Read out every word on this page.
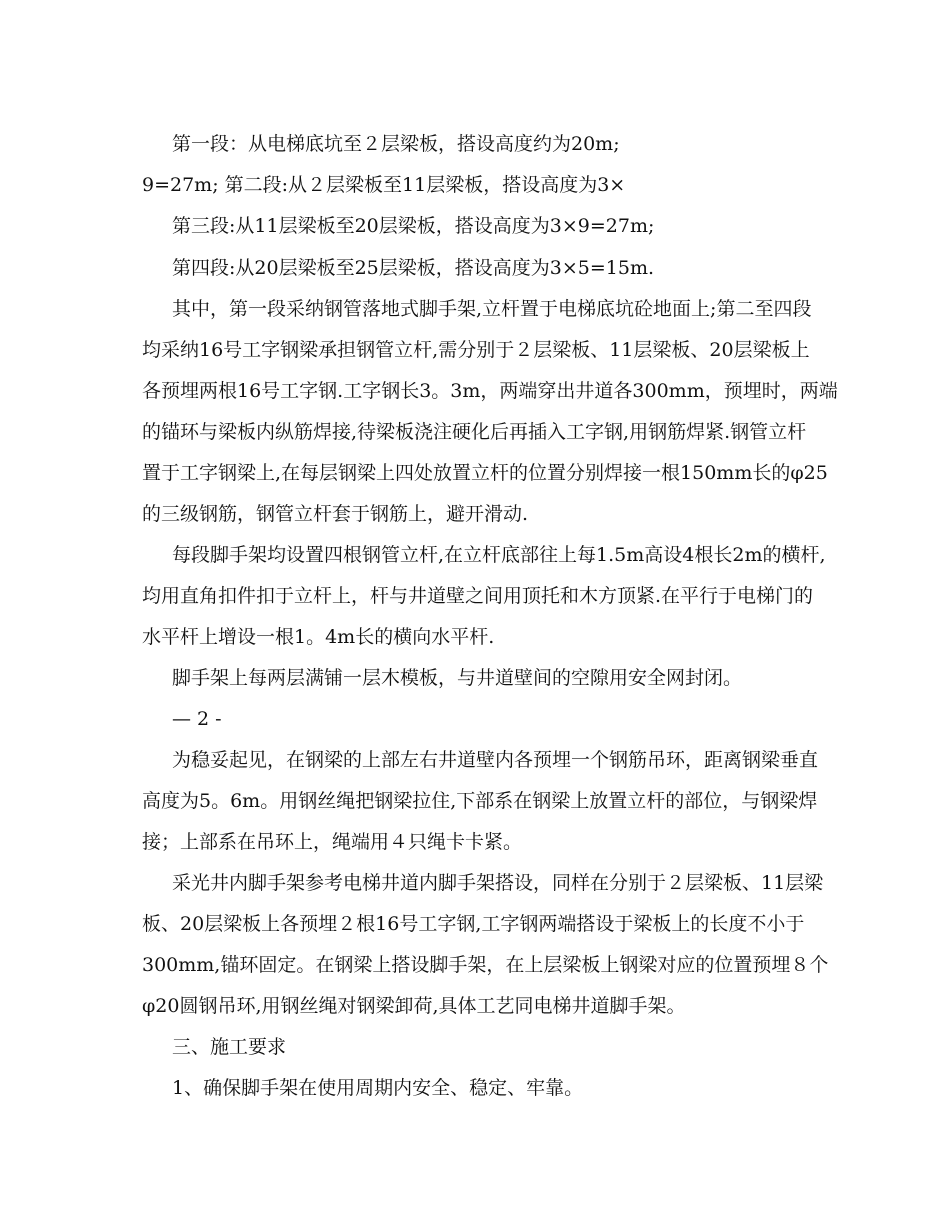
第一段：从电梯底坑至２层梁板，搭设高度约为20m;
9=27m; 第二段:从２层梁板至11层梁板，搭设高度为3×
第三段:从11层梁板至20层梁板，搭设高度为3×9=27m;
第四段:从20层梁板至25层梁板，搭设高度为3×5=15m.
其中，第一段采纳钢管落地式脚手架,立杆置于电梯底坑砼地面上;第二至四段
均采纳16号工字钢梁承担钢管立杆,需分别于２层梁板、11层梁板、20层梁板上
各预埋两根16号工字钢.工字钢长3。3m，两端穿出井道各300mm，预埋时，两端
的锚环与梁板内纵筋焊接,待梁板浇注硬化后再插入工字钢,用钢筋焊紧.钢管立杆
置于工字钢梁上,在每层钢梁上四处放置立杆的位置分别焊接一根150mm长的φ25
的三级钢筋，钢管立杆套于钢筋上，避开滑动.
每段脚手架均设置四根钢管立杆,在立杆底部往上每1.5m高设4根长2m的横杆,
均用直角扣件扣于立杆上，杆与井道壁之间用顶托和木方顶紧.在平行于电梯门的
水平杆上增设一根1。4m长的横向水平杆.
脚手架上每两层满铺一层木模板，与井道壁间的空隙用安全网封闭。
— 2 -
为稳妥起见，在钢梁的上部左右井道壁内各预埋一个钢筋吊环，距离钢梁垂直
高度为5。6m。用钢丝绳把钢梁拉住,下部系在钢梁上放置立杆的部位，与钢梁焊
接；上部系在吊环上，绳端用４只绳卡卡紧。
采光井内脚手架参考电梯井道内脚手架搭设，同样在分别于２层梁板、11层梁
板、20层梁板上各预埋２根16号工字钢,工字钢两端搭设于梁板上的长度不小于
300mm,锚环固定。在钢梁上搭设脚手架，在上层梁板上钢梁对应的位置预埋８个
φ20圆钢吊环,用钢丝绳对钢梁卸荷,具体工艺同电梯井道脚手架。
三、施工要求
1、确保脚手架在使用周期内安全、稳定、牢靠。
